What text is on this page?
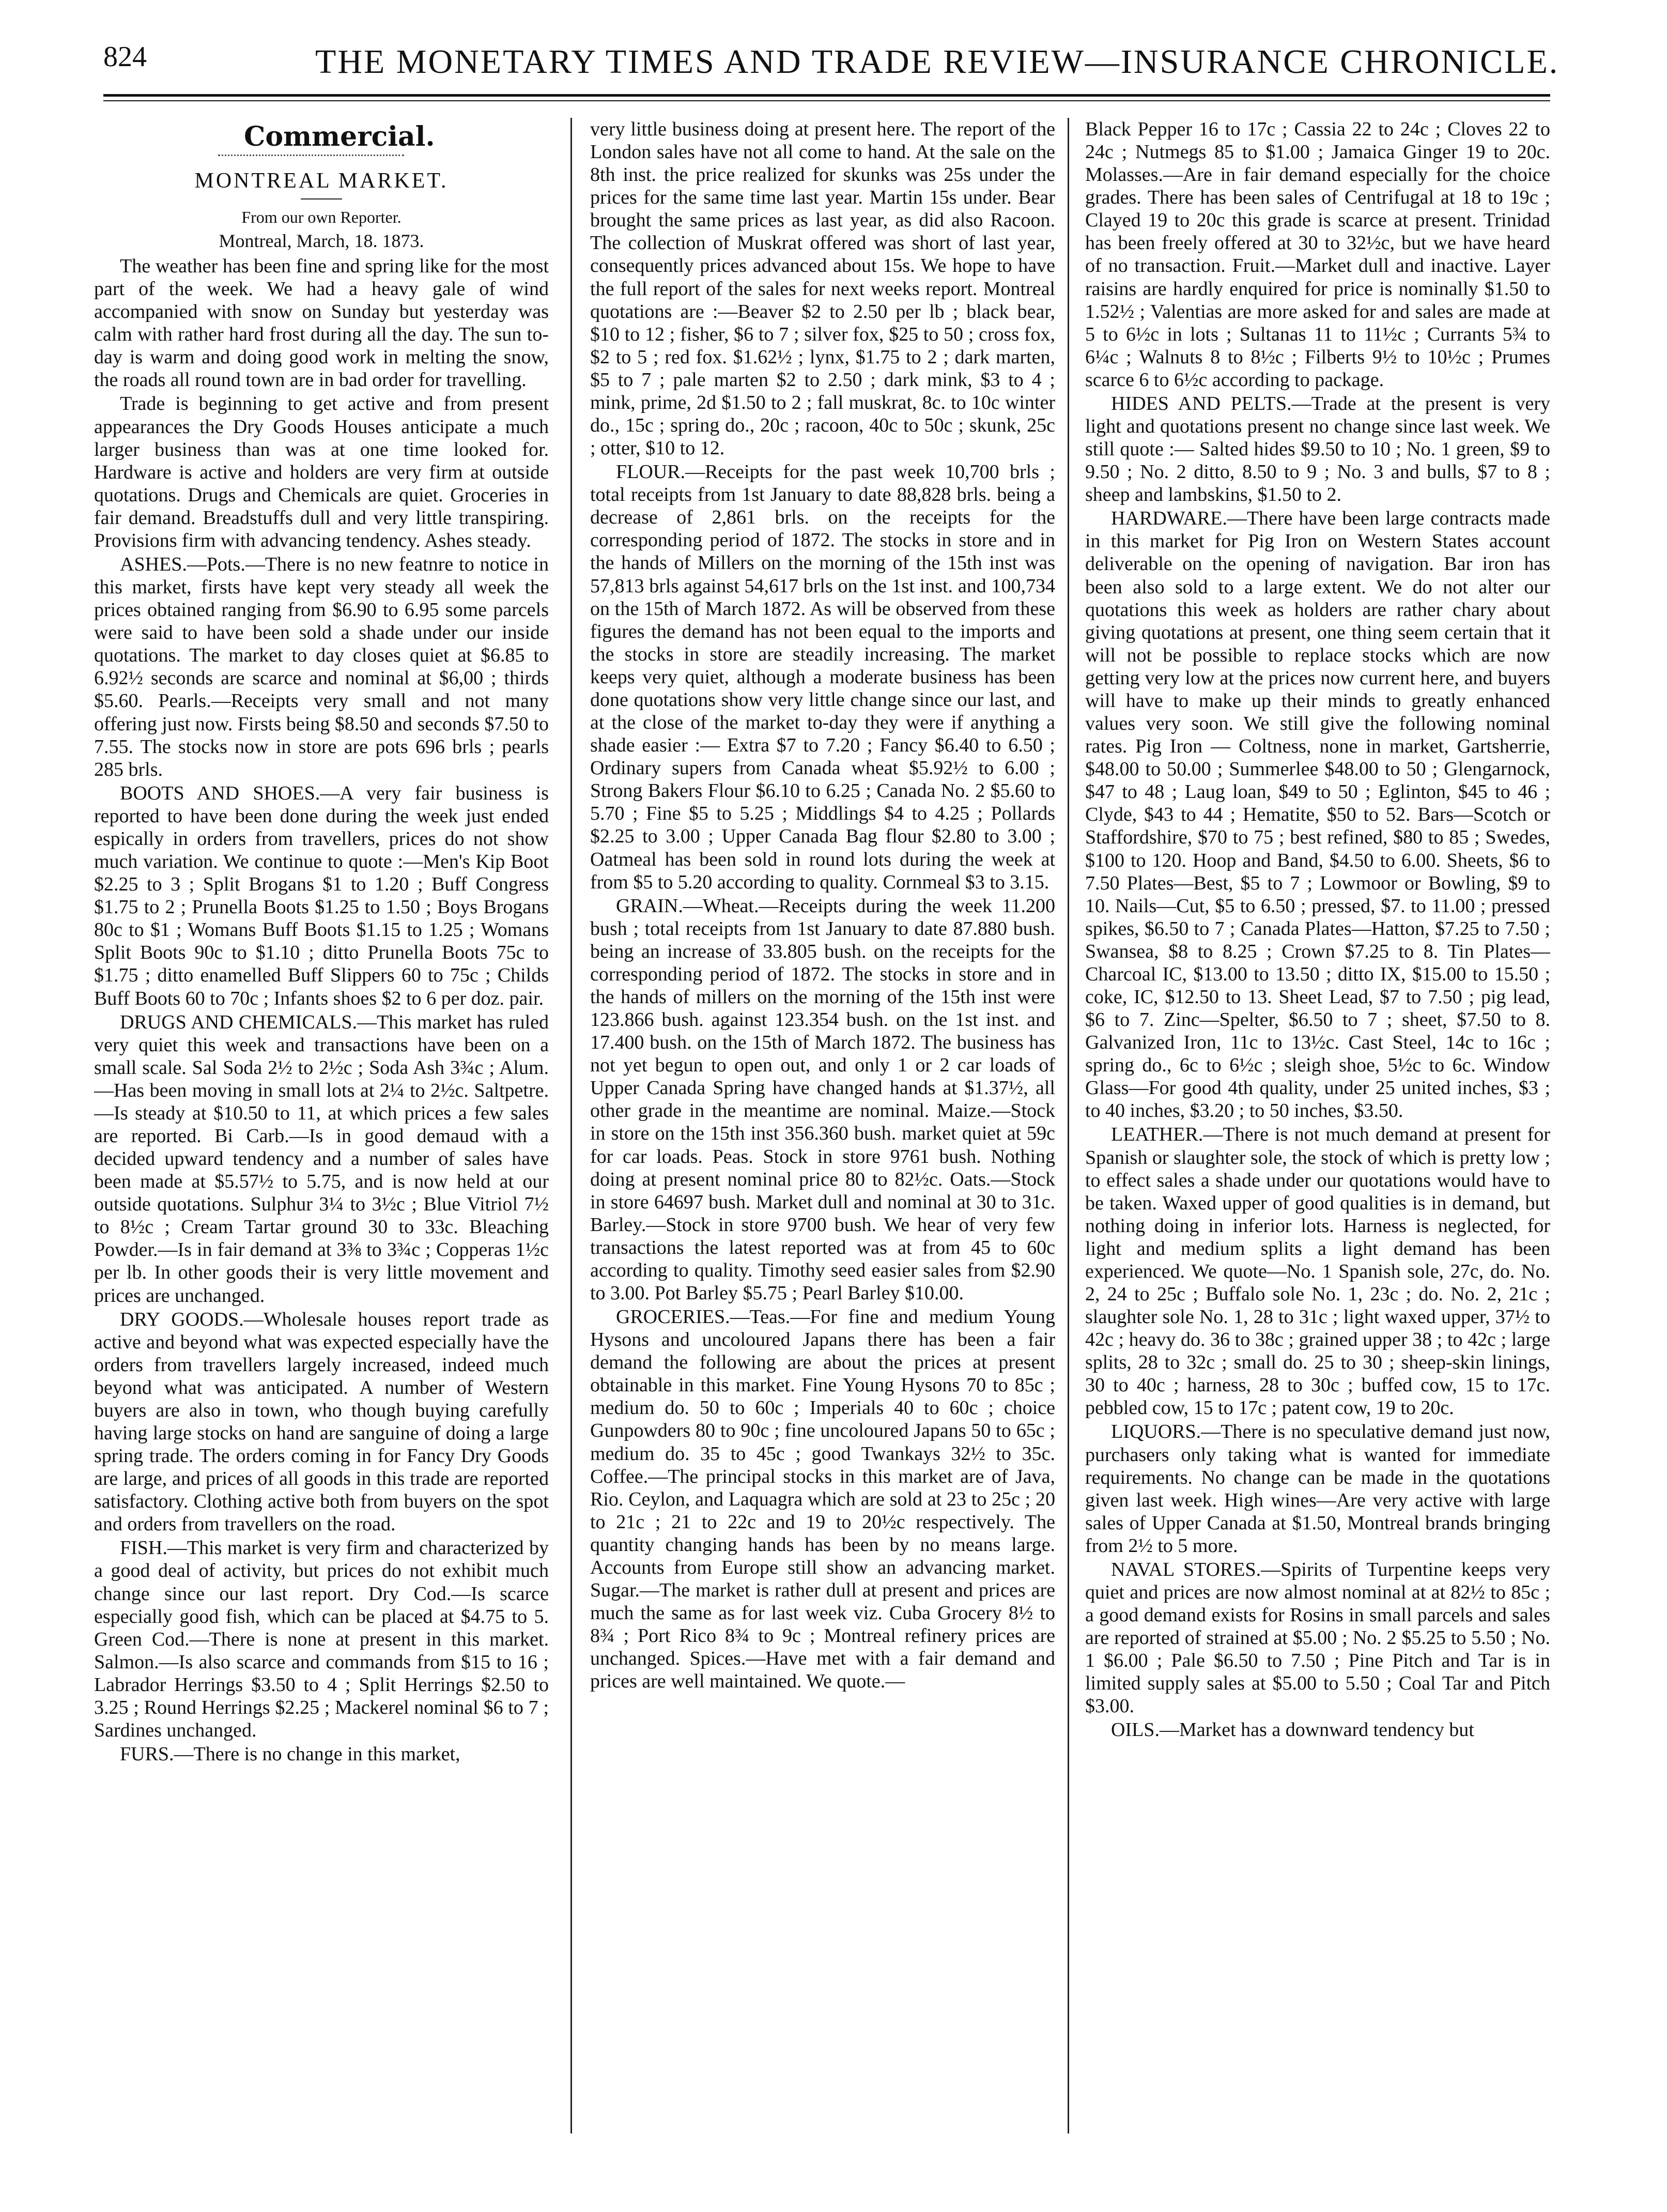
824	THE MONETARY TIMES AND TRADE REVIEW—INSURANCE CHRONICLE.
Commercial.
MONTREAL MARKET.
From our own Reporter.
Montreal, March, 18. 1873.

The weather has been fine and spring like for the most part of the week. We had a heavy gale of wind accompanied with snow on Sunday but yesterday was calm with rather hard frost during all the day. The sun to-day is warm and doing good work in melting the snow, the roads all round town are in bad order for travelling.

Trade is beginning to get active and from present appearances the Dry Goods Houses anticipate a much larger business than was at one time looked for. Hardware is active and holders are very firm at outside quotations. Drugs and Chemicals are quiet. Groceries in fair demand. Breadstuffs dull and very little transpiring. Provisions firm with advancing tendency. Ashes steady.

ASHES.—Pots.—There is no new featnre to notice in this market, firsts have kept very steady all week the prices obtained ranging from $6.90 to 6.95 some parcels were said to have been sold a shade under our inside quotations. The market to day closes quiet at $6.85 to 6.92½ seconds are scarce and nominal at $6,00 ; thirds $5.60. Pearls.—Receipts very small and not many offering just now. Firsts being $8.50 and seconds $7.50 to 7.55. The stocks now in store are pots 696 brls ; pearls 285 brls.

BOOTS AND SHOES.—A very fair business is reported to have been done during the week just ended espically in orders from travellers, prices do not show much variation. We continue to quote :—Men's Kip Boot $2.25 to 3 ; Split Brogans $1 to 1.20 ; Buff Congress $1.75 to 2 ; Prunella Boots $1.25 to 1.50 ; Boys Brogans 80c to $1 ; Womans Buff Boots $1.15 to 1.25 ; Womans Split Boots 90c to $1.10 ; ditto Prunella Boots 75c to $1.75 ; ditto enamelled Buff Slippers 60 to 75c ; Childs Buff Boots 60 to 70c ; Infants shoes $2 to 6 per doz. pair.

DRUGS AND CHEMICALS.—This market has ruled very quiet this week and transactions have been on a small scale. Sal Soda 2½ to 2½c ; Soda Ash 3¾c ; Alum.—Has been moving in small lots at 2¼ to 2½c. Saltpetre.—Is steady at $10.50 to 11, at which prices a few sales are reported. Bi Carb.—Is in good demaud with a decided upward tendency and a number of sales have been made at $5.57½ to 5.75, and is now held at our outside quotations. Sulphur 3¼ to 3½c ; Blue Vitriol 7½ to 8½c ; Cream Tartar ground 30 to 33c. Bleaching Powder.—Is in fair demand at 3⅜ to 3¾c ; Copperas 1½c per lb. In other goods their is very little movement and prices are unchanged.

DRY GOODS.—Wholesale houses report trade as active and beyond what was expected especially have the orders from travellers largely increased, indeed much beyond what was anticipated. A number of Western buyers are also in town, who though buying carefully having large stocks on hand are sanguine of doing a large spring trade. The orders coming in for Fancy Dry Goods are large, and prices of all goods in this trade are reported satisfactory. Clothing active both from buyers on the spot and orders from travellers on the road.

FISH.—This market is very firm and characterized by a good deal of activity, but prices do not exhibit much change since our last report. Dry Cod.—Is scarce especially good fish, which can be placed at $4.75 to 5. Green Cod.—There is none at present in this market. Salmon.—Is also scarce and commands from $15 to 16 ; Labrador Herrings $3.50 to 4 ; Split Herrings $2.50 to 3.25 ; Round Herrings $2.25 ; Mackerel nominal $6 to 7 ; Sardines unchanged.

FURS.—There is no change in this market,

very little business doing at present here. The report of the London sales have not all come to hand. At the sale on the 8th inst. the price realized for skunks was 25s under the prices for the same time last year. Martin 15s under. Bear brought the same prices as last year, as did also Racoon. The collection of Muskrat offered was short of last year, consequently prices advanced about 15s. We hope to have the full report of the sales for next weeks report. Montreal quotations are :—Beaver $2 to 2.50 per lb ; black bear, $10 to 12 ; fisher, $6 to 7 ; silver fox, $25 to 50 ; cross fox, $2 to 5 ; red fox. $1.62½ ; lynx, $1.75 to 2 ; dark marten, $5 to 7 ; pale marten $2 to 2.50 ; dark mink, $3 to 4 ; mink, prime, 2d $1.50 to 2 ; fall muskrat, 8c. to 10c winter do., 15c ; spring do., 20c ; racoon, 40c to 50c ; skunk, 25c ; otter, $10 to 12.

FLOUR.—Receipts for the past week 10,700 brls ; total receipts from 1st January to date 88,828 brls. being a decrease of 2,861 brls. on the receipts for the corresponding period of 1872. The stocks in store and in the hands of Millers on the morning of the 15th inst was 57,813 brls against 54,617 brls on the 1st inst. and 100,734 on the 15th of March 1872. As will be observed from these figures the demand has not been equal to the imports and the stocks in store are steadily increasing. The market keeps very quiet, although a moderate business has been done quotations show very little change since our last, and at the close of the market to-day they were if anything a shade easier :— Extra $7 to 7.20 ; Fancy $6.40 to 6.50 ; Ordinary supers from Canada wheat $5.92½ to 6.00 ; Strong Bakers Flour $6.10 to 6.25 ; Canada No. 2 $5.60 to 5.70 ; Fine $5 to 5.25 ; Middlings $4 to 4.25 ; Pollards $2.25 to 3.00 ; Upper Canada Bag flour $2.80 to 3.00 ; Oatmeal has been sold in round lots during the week at from $5 to 5.20 according to quality. Cornmeal $3 to 3.15.

GRAIN.—Wheat.—Receipts during the week 11.200 bush ; total receipts from 1st January to date 87.880 bush. being an increase of 33.805 bush. on the receipts for the corresponding period of 1872. The stocks in store and in the hands of millers on the morning of the 15th inst were 123.866 bush. against 123.354 bush. on the 1st inst. and 17.400 bush. on the 15th of March 1872. The business has not yet begun to open out, and only 1 or 2 car loads of Upper Canada Spring have changed hands at $1.37½, all other grade in the meantime are nominal. Maize.—Stock in store on the 15th inst 356.360 bush. market quiet at 59c for car loads. Peas. Stock in store 9761 bush. Nothing doing at present nominal price 80 to 82½c. Oats.—Stock in store 64697 bush. Market dull and nominal at 30 to 31c. Barley.—Stock in store 9700 bush. We hear of very few transactions the latest reported was at from 45 to 60c according to quality. Timothy seed easier sales from $2.90 to 3.00. Pot Barley $5.75 ; Pearl Barley $10.00.

GROCERIES.—Teas.—For fine and medium Young Hysons and uncoloured Japans there has been a fair demand the following are about the prices at present obtainable in this market. Fine Young Hysons 70 to 85c ; medium do. 50 to 60c ; Imperials 40 to 60c ; choice Gunpowders 80 to 90c ; fine uncoloured Japans 50 to 65c ; medium do. 35 to 45c ; good Twankays 32½ to 35c. Coffee.—The principal stocks in this market are of Java, Rio. Ceylon, and Laquagra which are sold at 23 to 25c ; 20 to 21c ; 21 to 22c and 19 to 20½c respectively. The quantity changing hands has been by no means large. Accounts from Europe still show an advancing market. Sugar.—The market is rather dull at present and prices are much the same as for last week viz. Cuba Grocery 8½ to 8¾ ; Port Rico 8¾ to 9c ; Montreal refinery prices are unchanged. Spices.—Have met with a fair demand and prices are well maintained. We quote.—

Black Pepper 16 to 17c ; Cassia 22 to 24c ; Cloves 22 to 24c ; Nutmegs 85 to $1.00 ; Jamaica Ginger 19 to 20c. Molasses.—Are in fair demand especially for the choice grades. There has been sales of Centrifugal at 18 to 19c ; Clayed 19 to 20c this grade is scarce at present. Trinidad has been freely offered at 30 to 32½c, but we have heard of no transaction. Fruit.—Market dull and inactive. Layer raisins are hardly enquired for price is nominally $1.50 to 1.52½ ; Valentias are more asked for and sales are made at 5 to 6½c in lots ; Sultanas 11 to 11½c ; Currants 5¾ to 6¼c ; Walnuts 8 to 8½c ; Filberts 9½ to 10½c ; Prumes scarce 6 to 6½c according to package.

HIDES AND PELTS.—Trade at the present is very light and quotations present no change since last week. We still quote :— Salted hides $9.50 to 10 ; No. 1 green, $9 to 9.50 ; No. 2 ditto, 8.50 to 9 ; No. 3 and bulls, $7 to 8 ; sheep and lambskins, $1.50 to 2.

HARDWARE.—There have been large contracts made in this market for Pig Iron on Western States account deliverable on the opening of navigation. Bar iron has been also sold to a large extent. We do not alter our quotations this week as holders are rather chary about giving quotations at present, one thing seem certain that it will not be possible to replace stocks which are now getting very low at the prices now current here, and buyers will have to make up their minds to greatly enhanced values very soon. We still give the following nominal rates. Pig Iron — Coltness, none in market, Gartsherrie, $48.00 to 50.00 ; Summerlee $48.00 to 50 ; Glengarnock, $47 to 48 ; Laug loan, $49 to 50 ; Eglinton, $45 to 46 ; Clyde, $43 to 44 ; Hematite, $50 to 52. Bars—Scotch or Staffordshire, $70 to 75 ; best refined, $80 to 85 ; Swedes, $100 to 120. Hoop and Band, $4.50 to 6.00. Sheets, $6 to 7.50 Plates—Best, $5 to 7 ; Lowmoor or Bowling, $9 to 10. Nails—Cut, $5 to 6.50 ; pressed, $7. to 11.00 ; pressed spikes, $6.50 to 7 ; Canada Plates—Hatton, $7.25 to 7.50 ; Swansea, $8 to 8.25 ; Crown $7.25 to 8. Tin Plates—Charcoal IC, $13.00 to 13.50 ; ditto IX, $15.00 to 15.50 ; coke, IC, $12.50 to 13. Sheet Lead, $7 to 7.50 ; pig lead, $6 to 7. Zinc—Spelter, $6.50 to 7 ; sheet, $7.50 to 8. Galvanized Iron, 11c to 13½c. Cast Steel, 14c to 16c ; spring do., 6c to 6½c ; sleigh shoe, 5½c to 6c. Window Glass—For good 4th quality, under 25 united inches, $3 ; to 40 inches, $3.20 ; to 50 inches, $3.50.

LEATHER.—There is not much demand at present for Spanish or slaughter sole, the stock of which is pretty low ; to effect sales a shade under our quotations would have to be taken. Waxed upper of good qualities is in demand, but nothing doing in inferior lots. Harness is neglected, for light and medium splits a light demand has been experienced. We quote—No. 1 Spanish sole, 27c, do. No. 2, 24 to 25c ; Buffalo sole No. 1, 23c ; do. No. 2, 21c ; slaughter sole No. 1, 28 to 31c ; light waxed upper, 37½ to 42c ; heavy do. 36 to 38c ; grained upper 38 ; to 42c ; large splits, 28 to 32c ; small do. 25 to 30 ; sheep-skin linings, 30 to 40c ; harness, 28 to 30c ; buffed cow, 15 to 17c. pebbled cow, 15 to 17c ; patent cow, 19 to 20c.

LIQUORS.—There is no speculative demand just now, purchasers only taking what is wanted for immediate requirements. No change can be made in the quotations given last week. High wines—Are very active with large sales of Upper Canada at $1.50, Montreal brands bringing from 2½ to 5 more.

NAVAL STORES.—Spirits of Turpentine keeps very quiet and prices are now almost nominal at at 82½ to 85c ; a good demand exists for Rosins in small parcels and sales are reported of strained at $5.00 ; No. 2 $5.25 to 5.50 ; No. 1 $6.00 ; Pale $6.50 to 7.50 ; Pine Pitch and Tar is in limited supply sales at $5.00 to 5.50 ; Coal Tar and Pitch $3.00.

OILS.—Market has a downward tendency but
